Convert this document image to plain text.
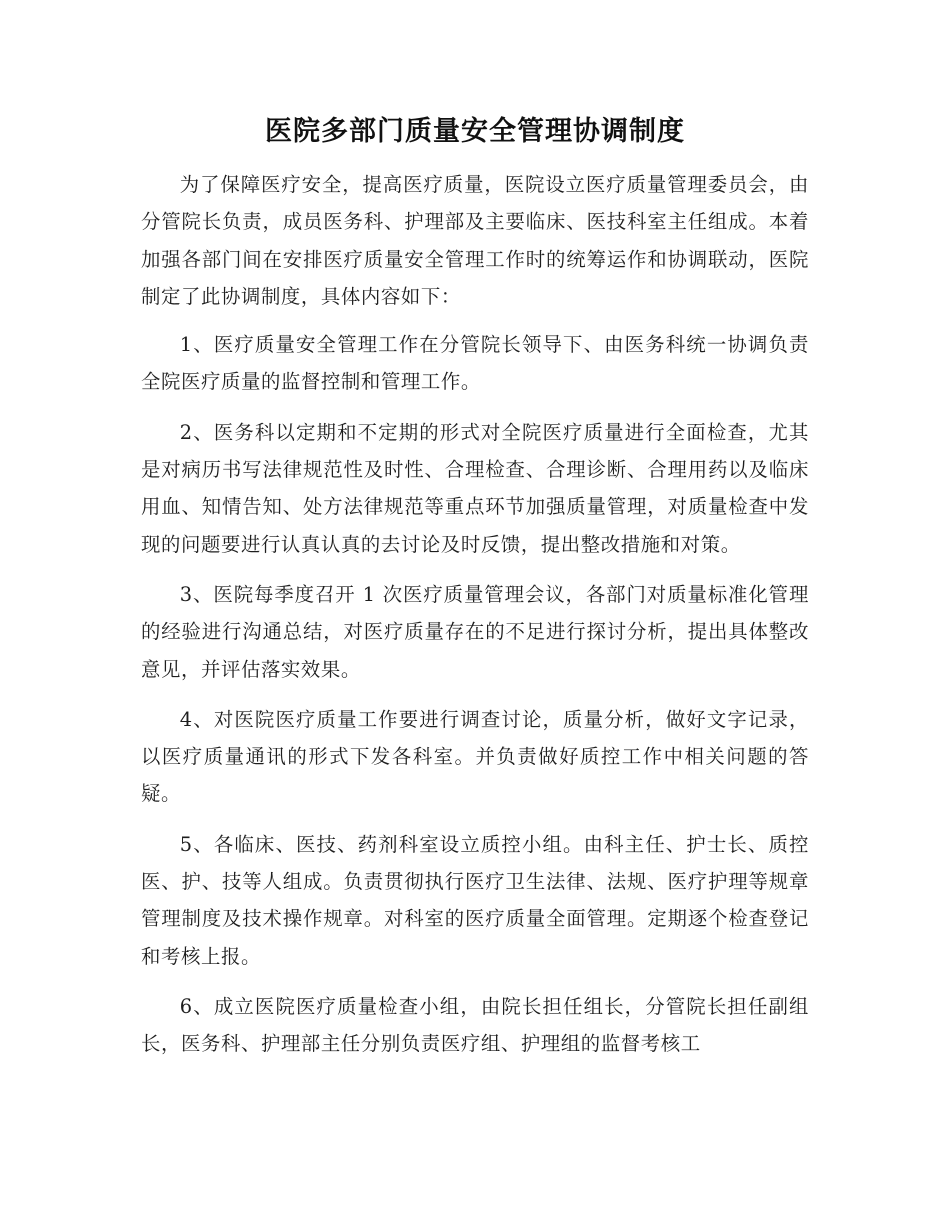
医院多部门质量安全管理协调制度

为了保障医疗安全，提高医疗质量，医院设立医疗质量管理委员会，由分管院长负责，成员医务科、护理部及主要临床、医技科室主任组成。本着加强各部门间在安排医疗质量安全管理工作时的统筹运作和协调联动，医院制定了此协调制度，具体内容如下：

1、医疗质量安全管理工作在分管院长领导下、由医务科统一协调负责全院医疗质量的监督控制和管理工作。

2、医务科以定期和不定期的形式对全院医疗质量进行全面检查，尤其是对病历书写法律规范性及时性、合理检查、合理诊断、合理用药以及临床用血、知情告知、处方法律规范等重点环节加强质量管理，对质量检查中发现的问题要进行认真认真的去讨论及时反馈，提出整改措施和对策。

3、医院每季度召开 1 次医疗质量管理会议，各部门对质量标准化管理的经验进行沟通总结，对医疗质量存在的不足进行探讨分析，提出具体整改意见，并评估落实效果。

4、对医院医疗质量工作要进行调查讨论，质量分析，做好文字记录，以医疗质量通讯的形式下发各科室。并负责做好质控工作中相关问题的答疑。

5、各临床、医技、药剂科室设立质控小组。由科主任、护士长、质控医、护、技等人组成。负责贯彻执行医疗卫生法律、法规、医疗护理等规章管理制度及技术操作规章。对科室的医疗质量全面管理。定期逐个检查登记和考核上报。

6、成立医院医疗质量检查小组，由院长担任组长，分管院长担任副组长，医务科、护理部主任分别负责医疗组、护理组的监督考核工
